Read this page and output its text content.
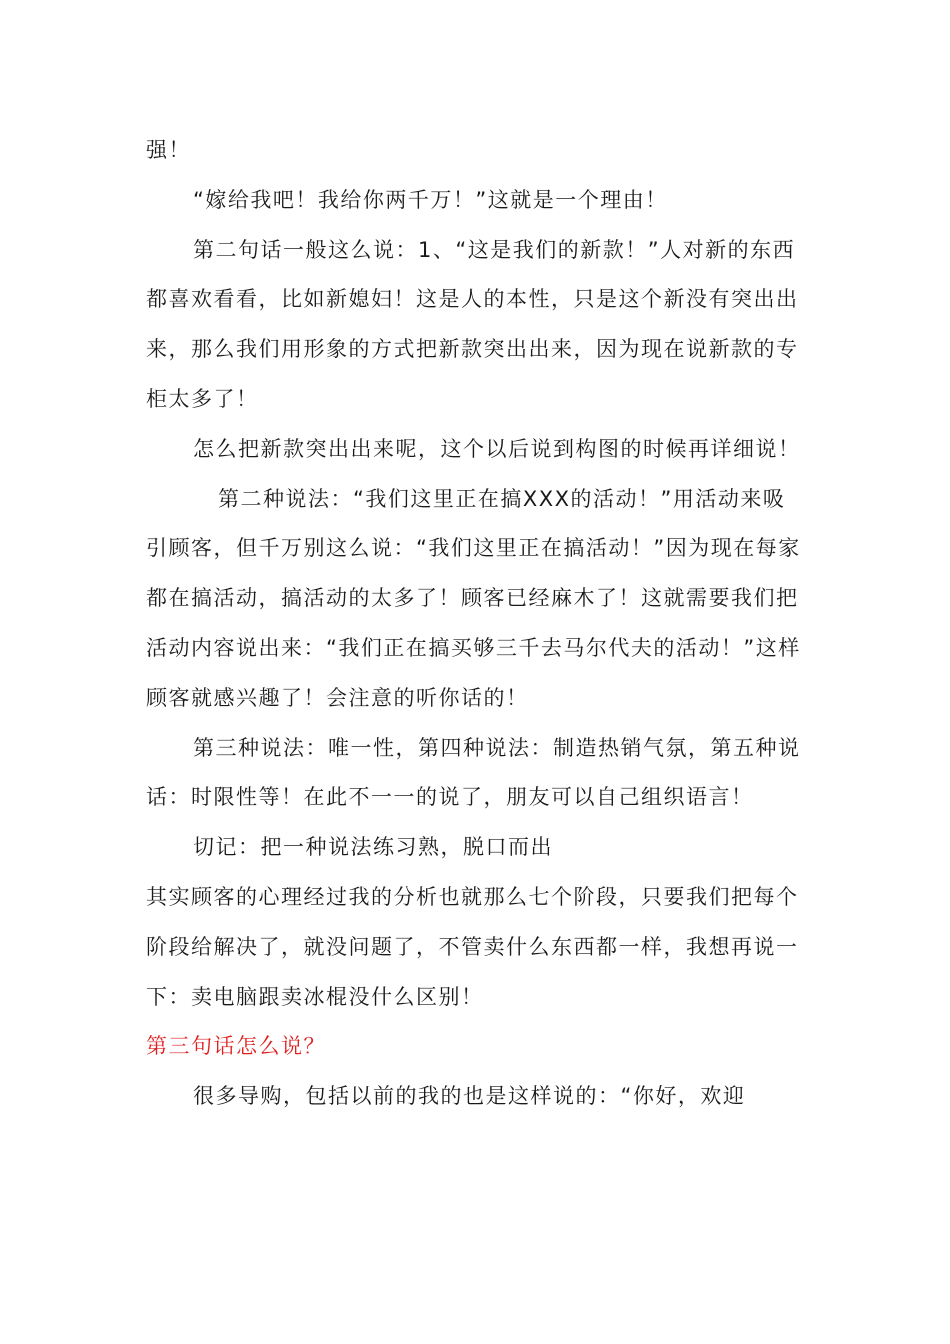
强！

“嫁给我吧！我给你两千万！”这就是一个理由！

第二句话一般这么说：1、“这是我们的新款！”人对新的东西都喜欢看看，比如新媳妇！这是人的本性，只是这个新没有突出出来，那么我们用形象的方式把新款突出出来，因为现在说新款的专柜太多了！

怎么把新款突出出来呢，这个以后说到构图的时候再详细说！

第二种说法：“我们这里正在搞XXX的活动！”用活动来吸引顾客，但千万别这么说：“我们这里正在搞活动！”因为现在每家都在搞活动，搞活动的太多了！顾客已经麻木了！这就需要我们把活动内容说出来：“我们正在搞买够三千去马尔代夫的活动！”这样顾客就感兴趣了！会注意的听你话的！

第三种说法：唯一性，第四种说法：制造热销气氛，第五种说话：时限性等！在此不一一的说了，朋友可以自己组织语言！

切记：把一种说法练习熟，脱口而出

其实顾客的心理经过我的分析也就那么七个阶段，只要我们把每个阶段给解决了，就没问题了，不管卖什么东西都一样，我想再说一下：卖电脑跟卖冰棍没什么区别！

第三句话怎么说？

很多导购，包括以前的我的也是这样说的：“你好，欢迎
